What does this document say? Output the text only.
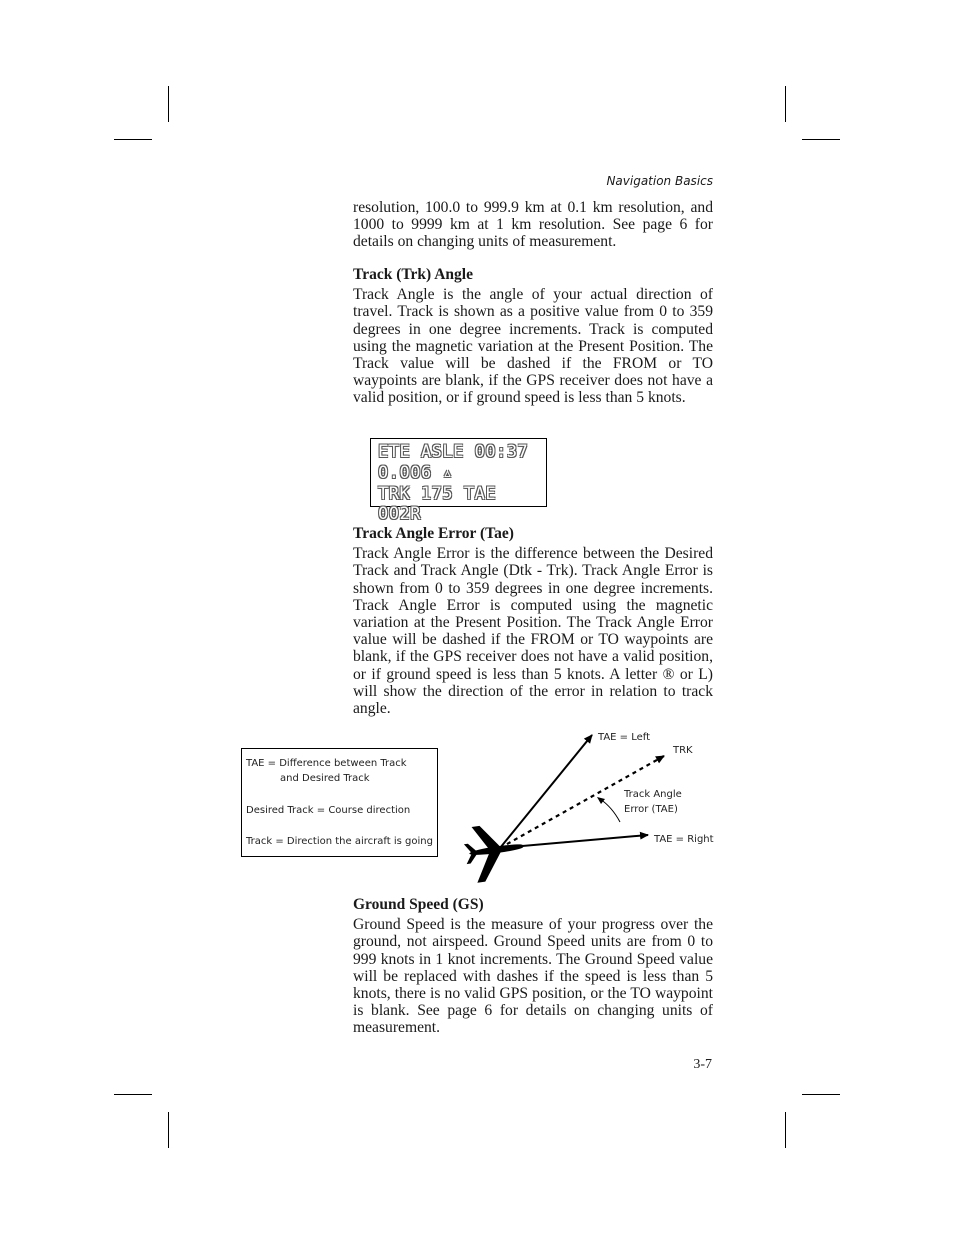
Navigation Basics

resolution, 100.0 to 999.9 km at 0.1 km resolution, and 1000 to 9999 km at 1 km resolution. See page 6 for details on changing units of measurement.

Track (Trk) Angle

Track Angle is the angle of your actual direction of travel. Track is shown as a positive value from 0 to 359 degrees in one degree increments. Track is computed using the magnetic variation at the Present Position. The Track value will be dashed if the FROM or TO waypoints are blank, if the GPS receiver does not have a valid position, or if ground speed is less than 5 knots.

ETE ASLE 00:37
0.006 ▵
TRK 175 TAE 002R

Track Angle Error (Tae)

Track Angle Error is the difference between the Desired Track and Track Angle (Dtk - Trk). Track Angle Error is shown from 0 to 359 degrees in one degree increments. Track Angle Error is computed using the magnetic variation at the Present Position. The Track Angle Error value will be dashed if the FROM or TO waypoints are blank, if the GPS receiver does not have a valid position, or if ground speed is less than 5 knots. A letter ® or L) will show the direction of the error in relation to track angle.

TAE = Difference between Track
and Desired Track
Desired Track = Course direction
Track = Direction the aircraft is going
TAE = Left
TRK
Track Angle
Error (TAE)
TAE = Right

Ground Speed (GS)

Ground Speed is the measure of your progress over the ground, not airspeed. Ground Speed units are from 0 to 999 knots in 1 knot increments. The Ground Speed value will be replaced with dashes if the speed is less than 5 knots, there is no valid GPS position, or the TO waypoint is blank. See page 6 for details on changing units of measurement.

3-7
